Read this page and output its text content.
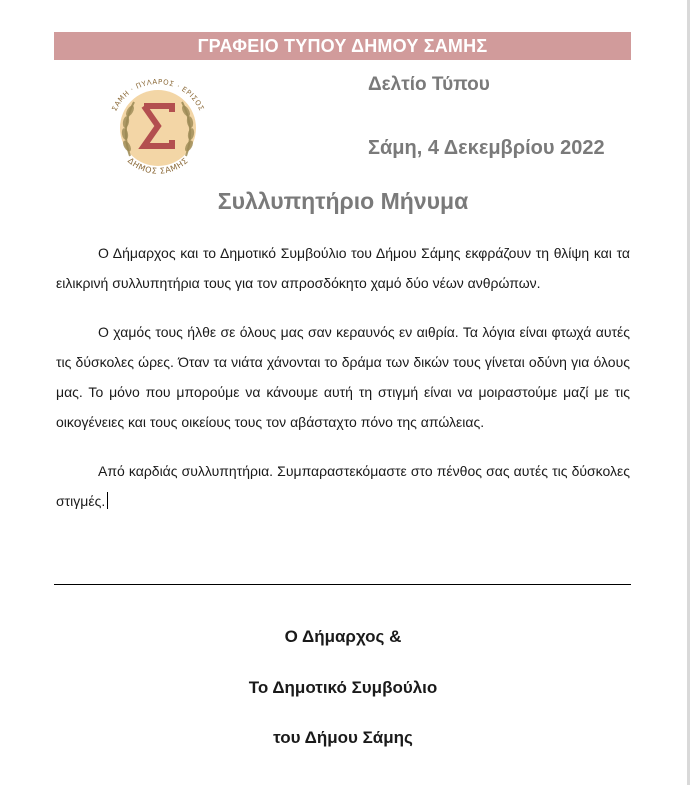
ΓΡΑΦΕΙΟ ΤΥΠΟΥ ΔΗΜΟΥ ΣΑΜΗΣ
ΣΑΜΗ · ΠΥΛΑΡΟΣ · ΕΡΙΣΟΣ
ΔΗΜΟΣ ΣΑΜΗΣ
Δελτίο Τύπου
Σάμη, 4 Δεκεμβρίου 2022
Συλλυπητήριο Μήνυμα

Ο Δήμαρχος και το Δημοτικό Συμβούλιο του Δήμου Σάμης εκφράζουν τη θλίψη και τα ειλικρινή συλλυπητήρια τους για τον απροσδόκητο χαμό δύο νέων ανθρώπων.

Ο χαμός τους ήλθε σε όλους μας σαν κεραυνός εν αιθρία. Τα λόγια είναι φτωχά αυτές τις δύσκολες ώρες. Όταν τα νιάτα χάνονται το δράμα των δικών τους γίνεται οδύνη για όλους μας. Το μόνο που μπορούμε να κάνουμε αυτή τη στιγμή είναι να μοιραστούμε μαζί με τις οικογένειες και τους οικείους τους τον αβάσταχτο πόνο της απώλειας.

Από καρδιάς συλλυπητήρια. Συμπαραστεκόμαστε στο πένθος σας αυτές τις δύσκολες στιγμές.

Ο Δήμαρχος &
Το Δημοτικό Συμβούλιο
του Δήμου Σάμης
